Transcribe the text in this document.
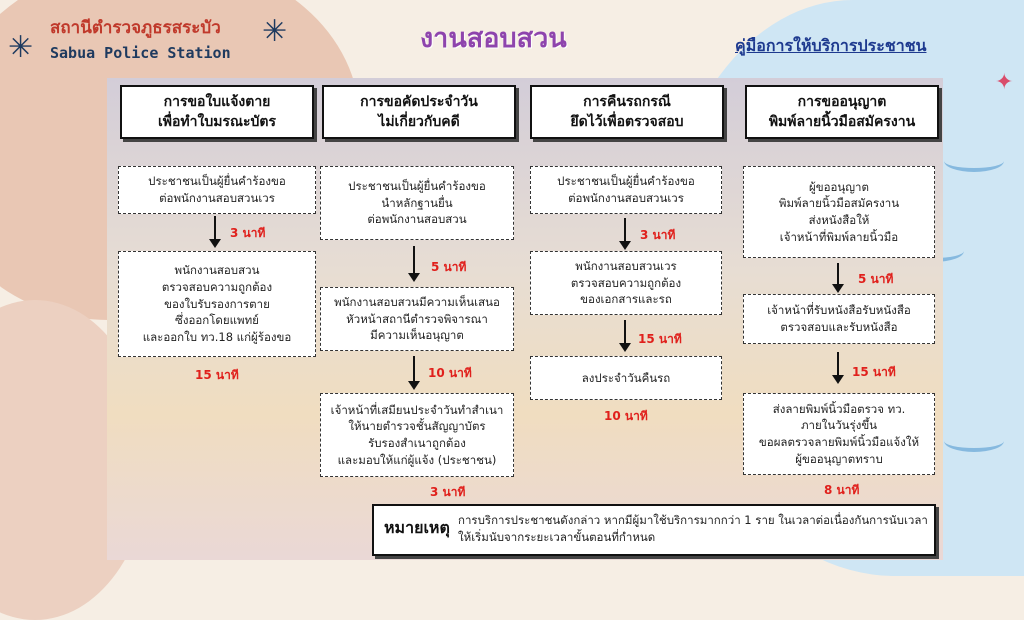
✳	✳
✦
สถานีตำรวจภูธรสระบัว
Sabua Police Station	งานสอบสวน	คู่มือการให้บริการประชาชน
การขอใบแจ้งตาย
เพื่อทำใบมรณะบัตร
ประชาชนเป็นผู้ยื่นคำร้องขอ
ต่อพนักงานสอบสวนเวร
3 นาที
พนักงานสอบสวน
ตรวจสอบความถูกต้อง
ของใบรับรองการตาย
ซึ่งออกโดยแพทย์
และออกใบ ทว.18 แก่ผู้ร้องขอ
15 นาที
การขอคัดประจำวัน
ไม่เกี่ยวกับคดี
ประชาชนเป็นผู้ยื่นคำร้องขอ
นำหลักฐานยื่น
ต่อพนักงานสอบสวน
5 นาที
พนักงานสอบสวนมีความเห็นเสนอ
หัวหน้าสถานีตำรวจพิจารณา
มีความเห็นอนุญาต
10 นาที
เจ้าหน้าที่เสมียนประจำวันทำสำเนา
ให้นายตำรวจชั้นสัญญาบัตร
รับรองสำเนาถูกต้อง
และมอบให้แก่ผู้แจ้ง (ประชาชน)
3 นาที
การคืนรถกรณี
ยึดไว้เพื่อตรวจสอบ
ประชาชนเป็นผู้ยื่นคำร้องขอ
ต่อพนักงานสอบสวนเวร
3 นาที
พนักงานสอบสวนเวร
ตรวจสอบความถูกต้อง
ของเอกสารและรถ
15 นาที
ลงประจำวันคืนรถ
10 นาที
การขออนุญาต
พิมพ์ลายนิ้วมือสมัครงาน
ผู้ขออนุญาต
พิมพ์ลายนิ้วมือสมัครงาน
ส่งหนังสือให้
เจ้าหน้าที่พิมพ์ลายนิ้วมือ
5 นาที
เจ้าหน้าที่รับหนังสือรับหนังสือ
ตรวจสอบและรับหนังสือ
15 นาที
ส่งลายพิมพ์นิ้วมือตรวจ ทว.
ภายในวันรุ่งขึ้น
ขอผลตรวจลายพิมพ์นิ้วมือแจ้งให้
ผู้ขออนุญาตทราบ
8 นาที
หมายเหตุ การบริการประชาชนดังกล่าว หากมีผู้มาใช้บริการมากกว่า 1 ราย ในเวลาต่อเนื่องกันการนับเวลาให้เริ่มนับจากระยะเวลาขั้นตอนที่กำหนด
